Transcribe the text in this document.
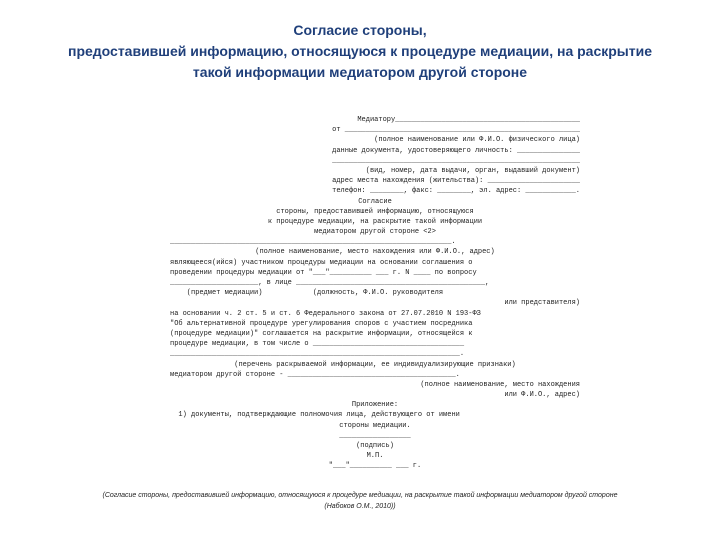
Согласие стороны,
предоставившей информацию, относящуюся к процедуре медиации, на раскрытие
такой информации медиатором другой стороне
Медиатору____________________________________________
от ________________________________________________________
(полное наименование или Ф.И.О. физического лица)
данные документа, удостоверяющего личность: _______________
___________________________________________________________
(вид, номер, дата выдачи, орган, выдавший документ)
адрес места нахождения (жительства): ______________________
телефон: ________, факс: ________, эл. адрес: ____________.
Согласие
стороны, предоставившей информацию, относящуюся
к процедуре медиации, на раскрытие такой информации
медиатором другой стороне <2>
___________________________________________________________________.
(полное наименование, место нахождения или Ф.И.О., адрес)
являющееся(ийся) участником процедуры медиации на основании соглашения о
проведении процедуры медиации от "___"__________ ___ г. N ____ по вопросу
_____________________, в лице _____________________________________________,
(предмет медиации)            (должность, Ф.И.О. руководителя
или представителя)
на основании ч. 2 ст. 5 и ст. 6 Федерального закона от 27.07.2010 N 193-ФЗ
"Об альтернативной процедуре урегулирования споров с участием посредника
(процедуре медиации)" соглашается на раскрытие информации, относящейся к
процедуре медиации, в том числе о ____________________________________
_____________________________________________________________________.
(перечень раскрываемой информации, ее индивидуализирующие признаки)
медиатором другой стороне - ________________________________________.
(полное наименование, место нахождения
или Ф.И.О., адрес)
Приложение:
1) документы, подтверждающие полномочия лица, действующего от имени
стороны медиации.
_________________
(подпись)
М.П.
"___"__________ ___ г.
(Согласие стороны, предоставившей информацию, относящуюся к процедуре медиации, на раскрытие такой информации медиатором другой стороне
(Набоков О.М., 2010))
